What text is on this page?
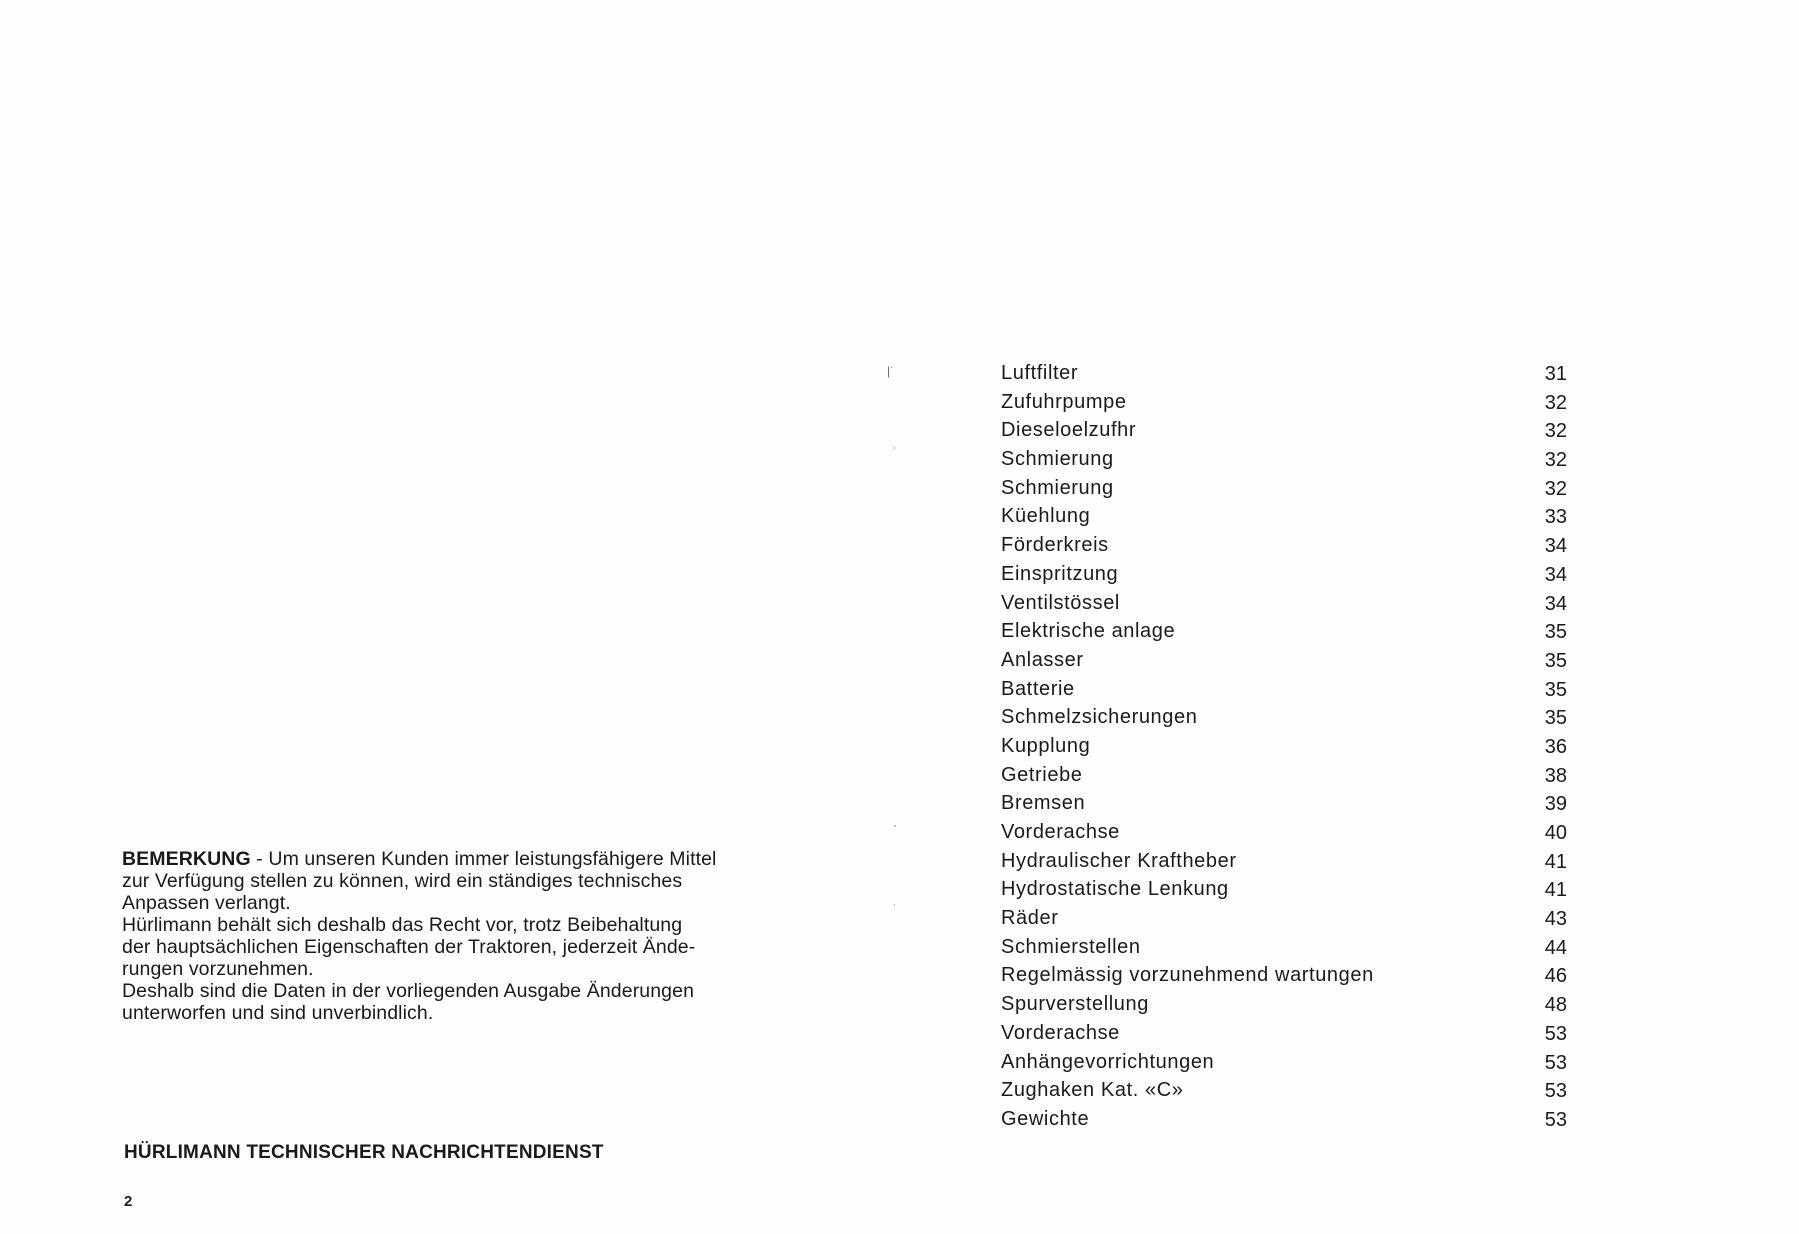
BEMERKUNG - Um unseren Kunden immer leistungsfähigere Mittel

zur Verfügung stellen zu können, wird ein ständiges technisches

Anpassen verlangt.

Hürlimann behält sich deshalb das Recht vor, trotz Beibehaltung

der hauptsächlichen Eigenschaften der Traktoren, jederzeit Ände-

rungen vorzunehmen.

Deshalb sind die Daten in der vorliegenden Ausgabe Änderungen

unterworfen und sind unverbindlich.

HÜRLIMANN TECHNISCHER NACHRICHTENDIENST
2
|˙
˙
·
˙
Luftfilter	31
Zufuhrpumpe	32
Dieseloelzufhr	32
Schmierung	32
Schmierung	32
Küehlung	33
Förderkreis	34
Einspritzung	34
Ventilstössel	34
Elektrische anlage	35
Anlasser	35
Batterie	35
Schmelzsicherungen	35
Kupplung	36
Getriebe	38
Bremsen	39
Vorderachse	40
Hydraulischer Kraftheber	41
Hydrostatische Lenkung	41
Räder	43
Schmierstellen	44
Regelmässig vorzunehmend wartungen	46
Spurverstellung	48
Vorderachse	53
Anhängevorrichtungen	53
Zughaken Kat. «C»	53
Gewichte	53
